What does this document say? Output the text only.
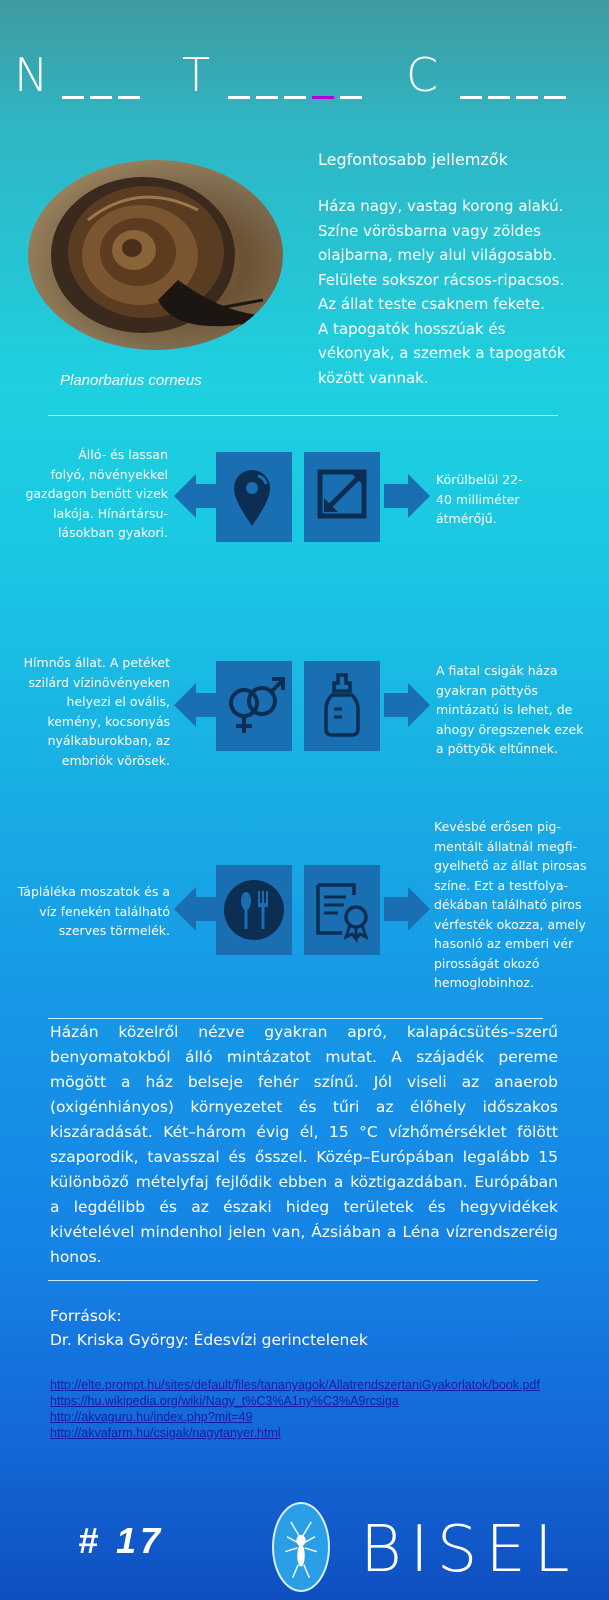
N	T	C
Planorbarius corneus
Legfontosabb jellemzők
Háza nagy, vastag korong alakú.
Színe vörösbarna vagy zöldes
olajbarna, mely alul világosabb.
Felülete sokszor rácsos-ripacsos.
Az állat teste csaknem fekete.
A tapogatók hosszúak és
vékonyak, a szemek a tapogatók
között vannak.
Álló- és lassan
folyó, növényekkel
gazdagon benőtt vizek
lakója. Hínártársu-
lásokban gyakori.
Körülbelül 22-
40 milliméter
átmérőjű.
Hímnős állat. A petéket
szilárd vízinövényeken
helyezi el ovális,
kemény, kocsonyás
nyálkaburokban, az
embriók vörösek.
A fiatal csigák háza
gyakran pöttyös
mintázatú is lehet, de
ahogy öregszenek ezek
a pöttyök eltűnnek.
Tápláléka moszatok és a
víz fenekén található
szerves törmelék.
Kevésbé erősen pig-
mentált állatnál megfi-
gyelhető az állat pirosas
színe. Ezt a testfolya-
dékában található piros
vérfesték okozza, amely
hasonló az emberi vér
pirosságát okozó
hemoglobinhoz.
Házán közelről nézve gyakran apró, kalapácsütés–szerű benyomatokból álló mintázatot mutat. A szájadék pereme mögött a ház belseje fehér színű. Jól viseli az anaerob (oxigénhiányos) környezetet és tűri az élőhely időszakos kiszáradását. Két–három évig él, 15 °C vízhőmérséklet fölött szaporodik, tavasszal és ősszel. Közép–Európában legalább 15 különböző mételyfaj fejlődik ebben a köztigazdában. Európában a legdélibb és az északi hideg területek és hegyvidékek kivételével mindenhol jelen van, Ázsiában a Léna vízrendszeréig honos.
Források:
Dr. Kriska György: Édesvízi gerinctelenek
http://elte.prompt.hu/sites/default/files/tananyagok/AllatrendszertaniGyakorlatok/book.pdf
https://hu.wikipedia.org/wiki/Nagy_t%C3%A1ny%C3%A9rcsiga
http://akvaguru.hu/index.php?mit=49
http://akvafarm.hu/csigak/nagytanyer.html
# 17	BISEL
